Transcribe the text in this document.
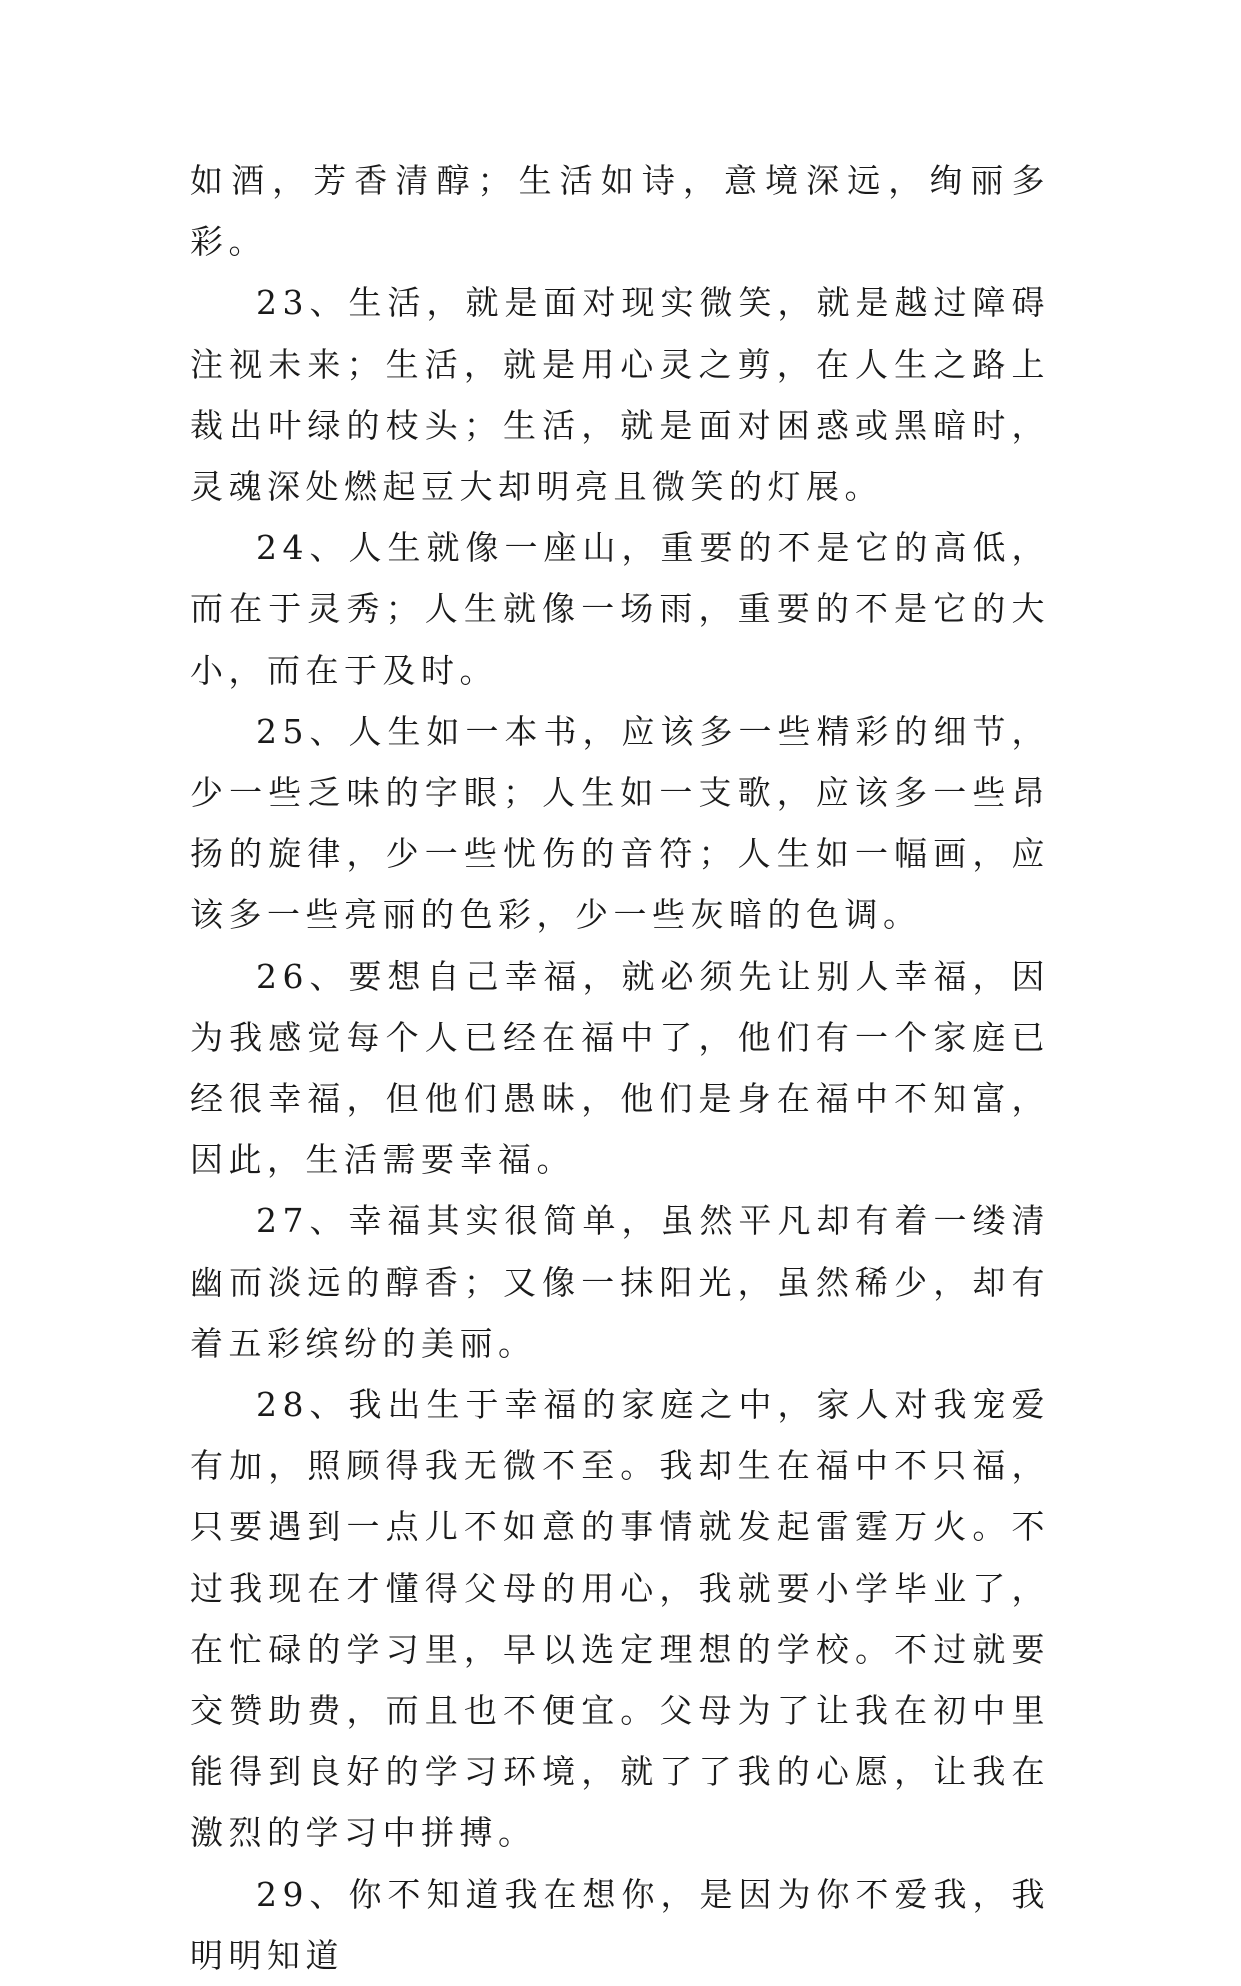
如酒，芳香清醇；生活如诗，意境深远，绚丽多彩。

23、生活，就是面对现实微笑，就是越过障碍注视未来；生活，就是用心灵之剪，在人生之路上裁出叶绿的枝头；生活，就是面对困惑或黑暗时，灵魂深处燃起豆大却明亮且微笑的灯展。

24、人生就像一座山，重要的不是它的高低，而在于灵秀；人生就像一场雨，重要的不是它的大小，而在于及时。

25、人生如一本书，应该多一些精彩的细节，少一些乏味的字眼；人生如一支歌，应该多一些昂扬的旋律，少一些忧伤的音符；人生如一幅画，应该多一些亮丽的色彩，少一些灰暗的色调。

26、要想自己幸福，就必须先让别人幸福，因为我感觉每个人已经在福中了，他们有一个家庭已经很幸福，但他们愚昧，他们是身在福中不知富，因此，生活需要幸福。

27、幸福其实很简单，虽然平凡却有着一缕清幽而淡远的醇香；又像一抹阳光，虽然稀少，却有着五彩缤纷的美丽。

28、我出生于幸福的家庭之中，家人对我宠爱有加，照顾得我无微不至。我却生在福中不只福，只要遇到一点儿不如意的事情就发起雷霆万火。不过我现在才懂得父母的用心，我就要小学毕业了，在忙碌的学习里，早以选定理想的学校。不过就要交赞助费，而且也不便宜。父母为了让我在初中里能得到良好的学习环境，就了了我的心愿，让我在激烈的学习中拼搏。

29、你不知道我在想你，是因为你不爱我，我明明知道
